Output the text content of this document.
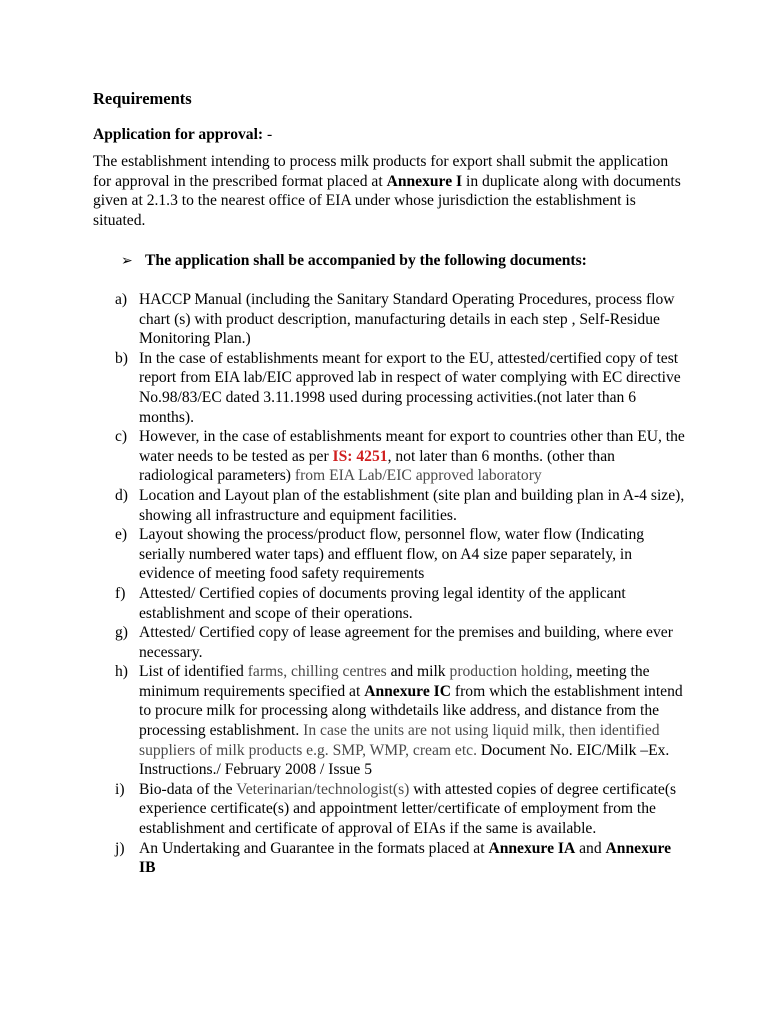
Requirements
Application for approval: -
The establishment intending to process milk products for export shall submit the application for approval in the prescribed format placed at Annexure I in duplicate along with documents given at 2.1.3 to the nearest office of EIA under whose jurisdiction the establishment is situated.
➢ The application shall be accompanied by the following documents:
a) HACCP Manual (including the Sanitary Standard Operating Procedures, process flow chart (s) with product description, manufacturing details in each step , Self-Residue Monitoring Plan.)
b) In the case of establishments meant for export to the EU, attested/certified copy of test report from EIA lab/EIC approved lab in respect of water complying with EC directive No.98/83/EC dated 3.11.1998 used during processing activities.(not later than 6 months).
c) However, in the case of establishments meant for export to countries other than EU, the water needs to be tested as per IS: 4251, not later than 6 months. (other than radiological parameters) from EIA Lab/EIC approved laboratory
d) Location and Layout plan of the establishment (site plan and building plan in A-4 size), showing all infrastructure and equipment facilities.
e) Layout showing the process/product flow, personnel flow, water flow (Indicating serially numbered water taps) and effluent flow, on A4 size paper separately, in evidence of meeting food safety requirements
f) Attested/ Certified copies of documents proving legal identity of the applicant establishment and scope of their operations.
g) Attested/ Certified copy of lease agreement for the premises and building, where ever necessary.
h) List of identified farms, chilling centres and milk production holding, meeting the minimum requirements specified at Annexure IC from which the establishment intend to procure milk for processing along withdetails like address, and distance from the processing establishment. In case the units are not using liquid milk, then identified suppliers of milk products e.g. SMP, WMP, cream etc. Document No. EIC/Milk –Ex. Instructions./ February 2008 / Issue 5
i) Bio-data of the Veterinarian/technologist(s) with attested copies of degree certificate(s experience certificate(s) and appointment letter/certificate of employment from the establishment and certificate of approval of EIAs if the same is available.
j) An Undertaking and Guarantee in the formats placed at Annexure IA and Annexure IB
